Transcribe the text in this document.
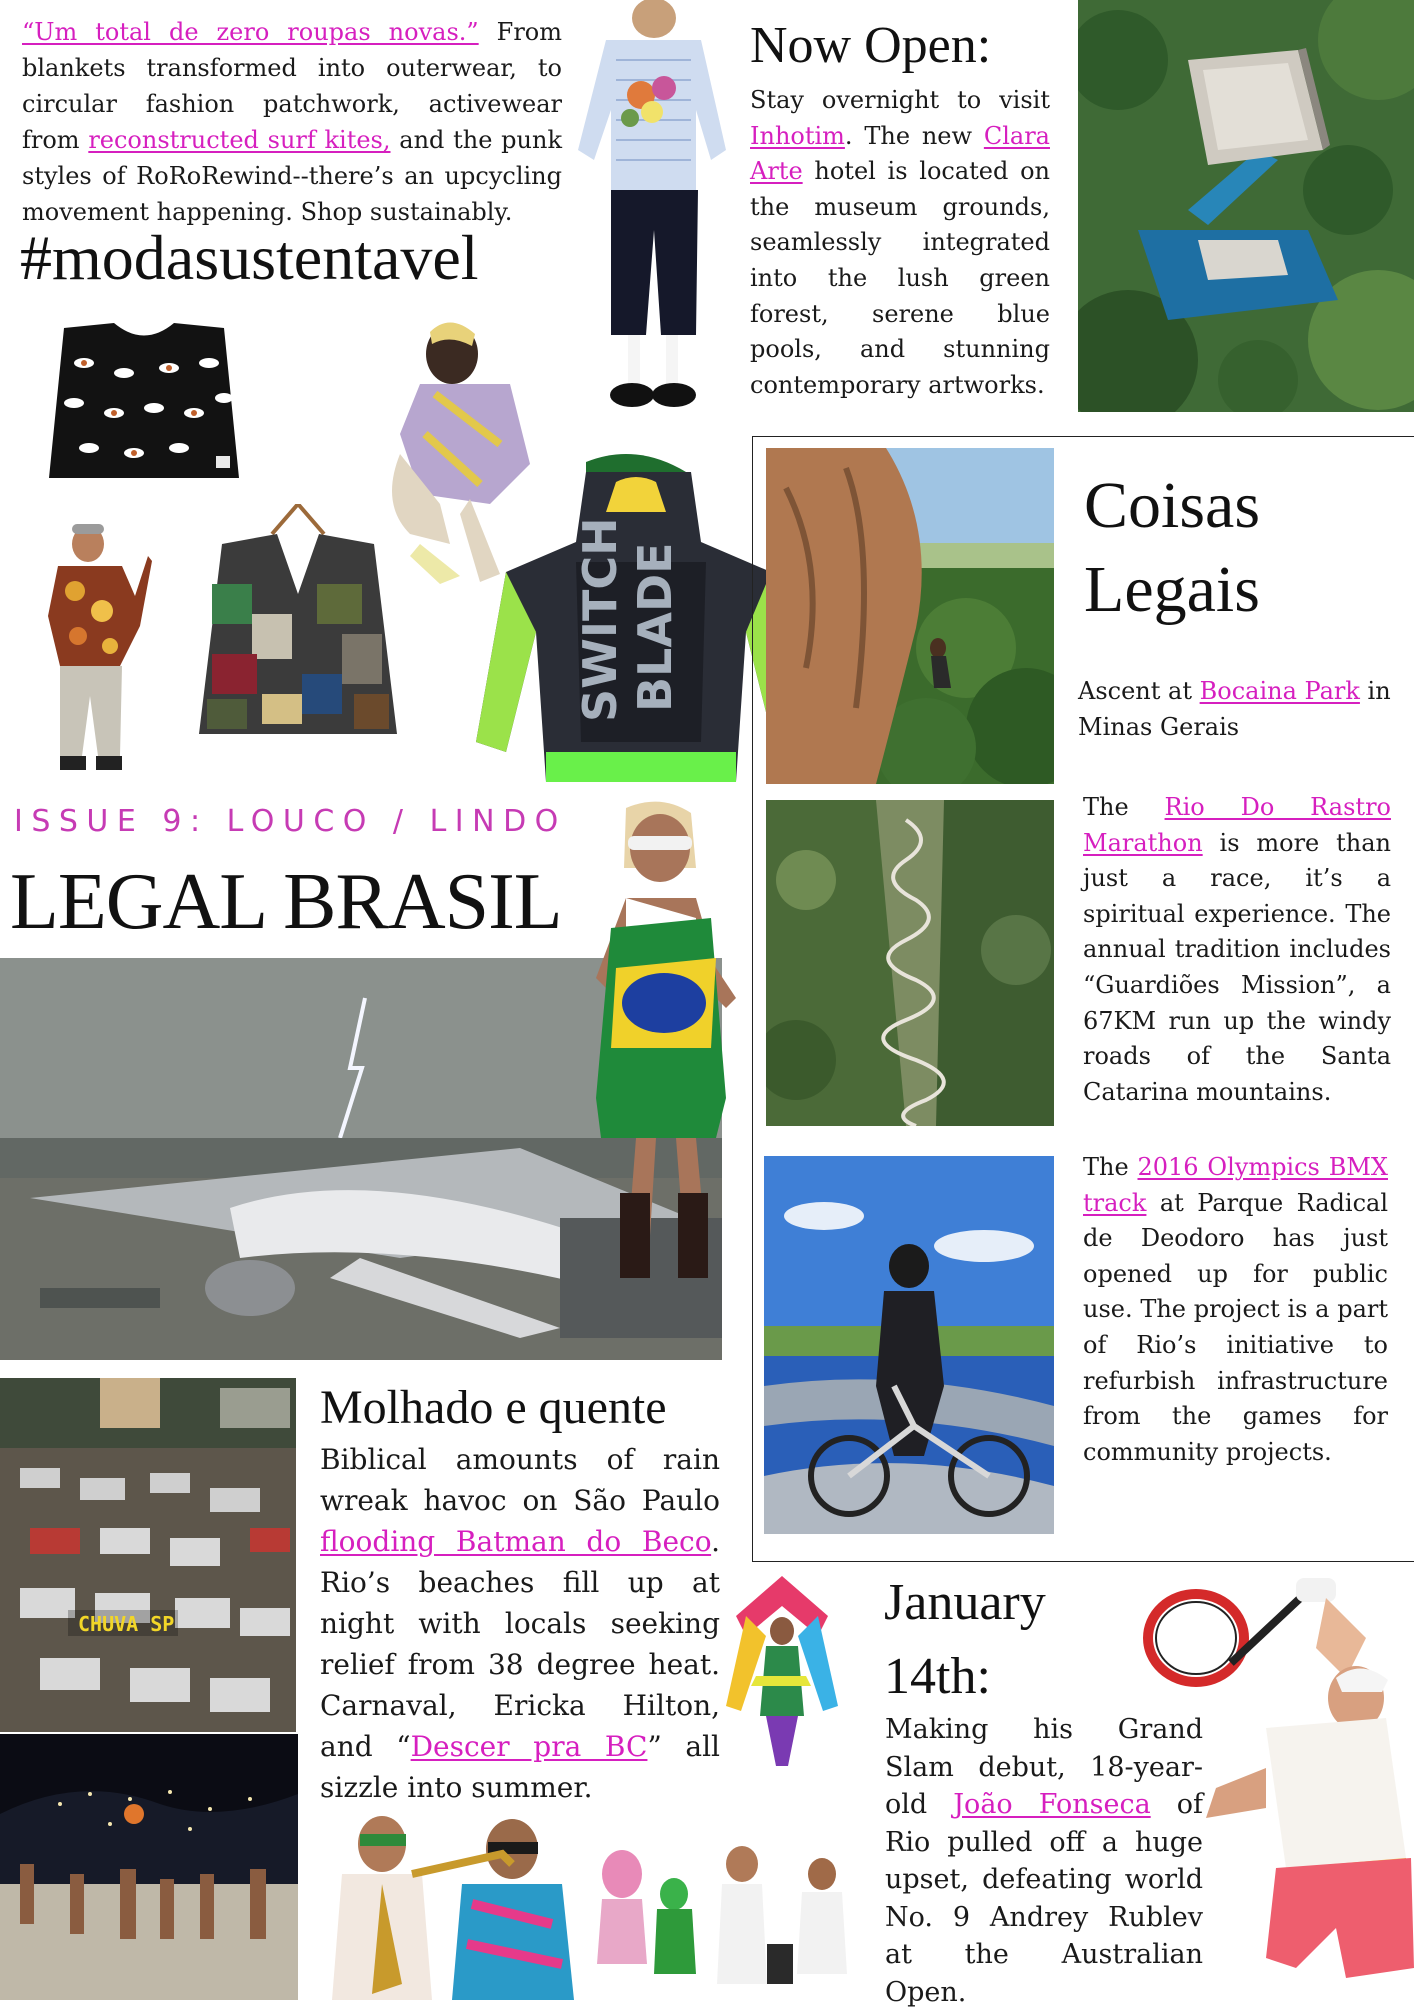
“Um total de zero roupas novas.” From blankets transformed into outerwear, to circular fashion patchwork, activewear from reconstructed surf kites, and the punk styles of RoRoRewind--there’s an upcycling movement happening. Shop sustainably.
#modasustentavel
ROR
SWITCH BLADE
Now Open:
Stay overnight to visit Inhotim. The new Clara Arte hotel is located on the museum grounds, seamlessly integrated into the lush green forest, serene blue pools, and stunning contemporary artworks.
Coisas
Legais
Ascent at Bocaina Park in Minas Gerais
The Rio Do Rastro Marathon is more than just a race, it’s a spiritual experience. The annual tradition includes “Guardiões Mission”, a 67KM run up the windy roads of the Santa Catarina mountains.
The 2016 Olympics BMX track at Parque Radical de Deodoro has just opened up for public use. The project is a part of Rio’s initiative to refurbish infrastructure from the games for community projects.
ISSUE 9: LOUCO / LINDO
LEGAL BRASIL
CHUVA SP
Molhado e quente
Biblical amounts of rain wreak havoc on São Paulo flooding Batman do Beco. Rio’s beaches fill up at night with locals seeking relief from 38 degree heat. Carnaval, Ericka Hilton, and “Descer pra BC” all sizzle into summer.
January
14th:
Making his Grand Slam debut, 18-year-old João Fonseca of Rio pulled off a huge upset, defeating world No. 9 Andrey Rublev at the Australian Open.
